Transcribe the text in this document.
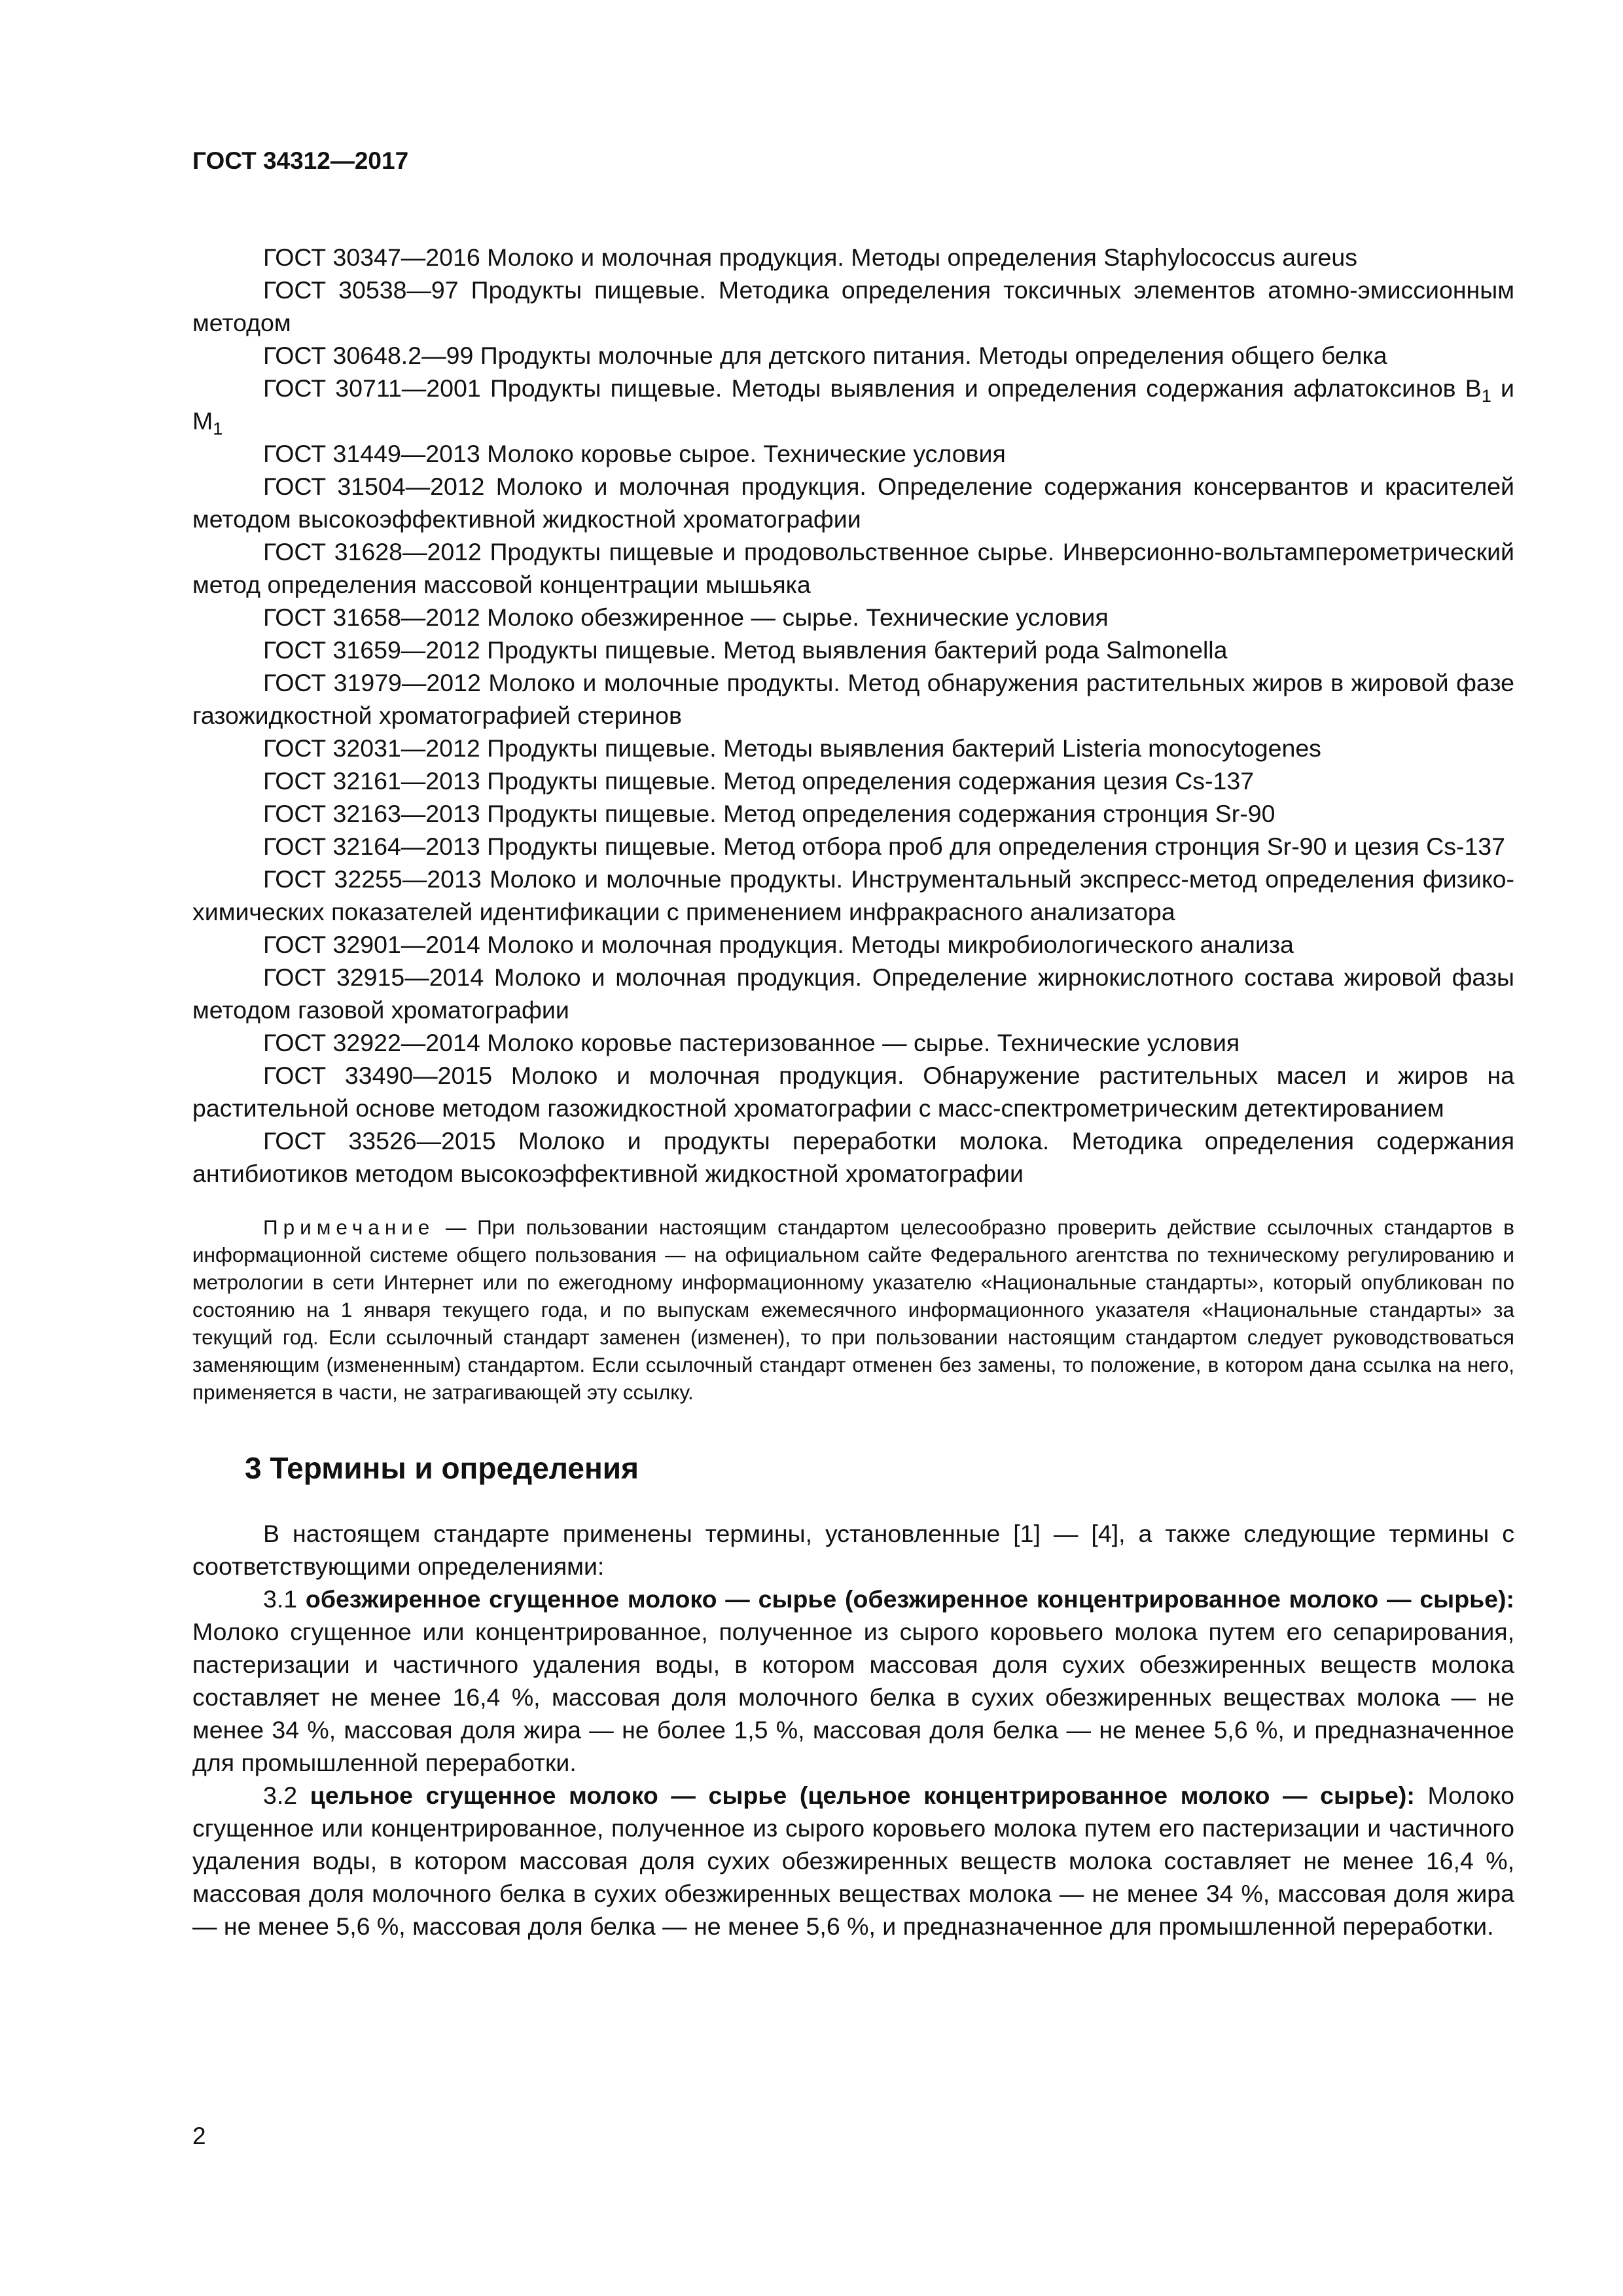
ГОСТ 34312—2017

ГОСТ 30347—2016 Молоко и молочная продукция. Методы определения Staphylococcus aureus

ГОСТ 30538—97 Продукты пищевые. Методика определения токсичных элементов атомно-эмиссионным методом

ГОСТ 30648.2—99 Продукты молочные для детского питания. Методы определения общего белка

ГОСТ 30711—2001 Продукты пищевые. Методы выявления и определения содержания афлатоксинов $B_1$ и $M_1$

ГОСТ 31449—2013 Молоко коровье сырое. Технические условия

ГОСТ 31504—2012 Молоко и молочная продукция. Определение содержания консервантов и красителей методом высокоэффективной жидкостной хроматографии

ГОСТ 31628—2012 Продукты пищевые и продовольственное сырье. Инверсионно-вольтамперометрический метод определения массовой концентрации мышьяка

ГОСТ 31658—2012 Молоко обезжиренное — сырье. Технические условия

ГОСТ 31659—2012 Продукты пищевые. Метод выявления бактерий рода Salmonella

ГОСТ 31979—2012 Молоко и молочные продукты. Метод обнаружения растительных жиров в жировой фазе газожидкостной хроматографией стеринов

ГОСТ 32031—2012 Продукты пищевые. Методы выявления бактерий Listeria monocytogenes

ГОСТ 32161—2013 Продукты пищевые. Метод определения содержания цезия Cs-137

ГОСТ 32163—2013 Продукты пищевые. Метод определения содержания стронция Sr-90

ГОСТ 32164—2013 Продукты пищевые. Метод отбора проб для определения стронция Sr-90 и цезия Cs-137

ГОСТ 32255—2013 Молоко и молочные продукты. Инструментальный экспресс-метод определения физико-химических показателей идентификации с применением инфракрасного анализатора

ГОСТ 32901—2014 Молоко и молочная продукция. Методы микробиологического анализа

ГОСТ 32915—2014 Молоко и молочная продукция. Определение жирнокислотного состава жировой фазы методом газовой хроматографии

ГОСТ 32922—2014 Молоко коровье пастеризованное — сырье. Технические условия

ГОСТ 33490—2015 Молоко и молочная продукция. Обнаружение растительных масел и жиров на растительной основе методом газожидкостной хроматографии с масс-спектрометрическим детектированием

ГОСТ 33526—2015 Молоко и продукты переработки молока. Методика определения содержания антибиотиков методом высокоэффективной жидкостной хроматографии

Примечание — При пользовании настоящим стандартом целесообразно проверить действие ссылочных стандартов в информационной системе общего пользования — на официальном сайте Федерального агентства по техническому регулированию и метрологии в сети Интернет или по ежегодному информационному указателю «Национальные стандарты», который опубликован по состоянию на 1 января текущего года, и по выпускам ежемесячного информационного указателя «Национальные стандарты» за текущий год. Если ссылочный стандарт заменен (изменен), то при пользовании настоящим стандартом следует руководствоваться заменяющим (измененным) стандартом. Если ссылочный стандарт отменен без замены, то положение, в котором дана ссылка на него, применяется в части, не затрагивающей эту ссылку.

3 Термины и определения

В настоящем стандарте применены термины, установленные [1] — [4], а также следующие термины с соответствующими определениями:

3.1 обезжиренное сгущенное молоко — сырье (обезжиренное концентрированное молоко — сырье): Молоко сгущенное или концентрированное, полученное из сырого коровьего молока путем его сепарирования, пастеризации и частичного удаления воды, в котором массовая доля сухих обезжиренных веществ молока составляет не менее 16,4 %, массовая доля молочного белка в сухих обезжиренных веществах молока — не менее 34 %, массовая доля жира — не более 1,5 %, массовая доля белка — не менее 5,6 %, и предназначенное для промышленной переработки.

3.2 цельное сгущенное молоко — сырье (цельное концентрированное молоко — сырье): Молоко сгущенное или концентрированное, полученное из сырого коровьего молока путем его пастеризации и частичного удаления воды, в котором массовая доля сухих обезжиренных веществ молока составляет не менее 16,4 %, массовая доля молочного белка в сухих обезжиренных веществах молока — не менее 34 %, массовая доля жира — не менее 5,6 %, массовая доля белка — не менее 5,6 %, и предназначенное для промышленной переработки.

2
